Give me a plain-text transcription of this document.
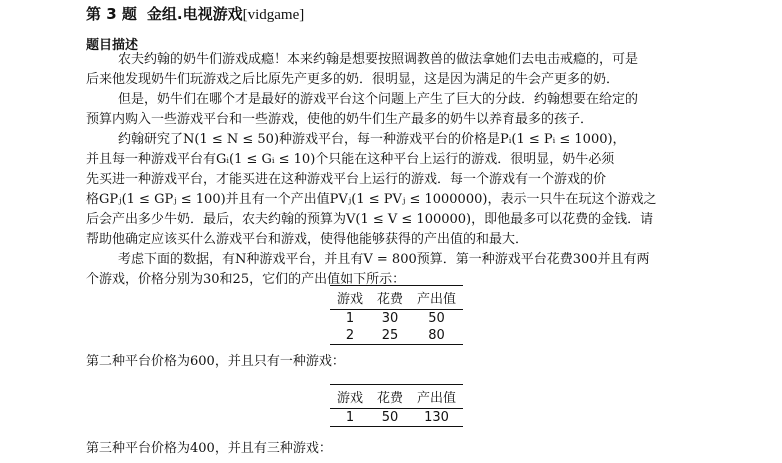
第 3 题 金组.电视游戏[vidgame]
题目描述
农夫约翰的奶牛们游戏成瘾！本来约翰是想要按照调教兽的做法拿她们去电击戒瘾的，可是
后来他发现奶牛们玩游戏之后比原先产更多的奶．很明显，这是因为满足的牛会产更多的奶．
但是，奶牛们在哪个才是最好的游戏平台这个问题上产生了巨大的分歧．约翰想要在给定的
预算内购入一些游戏平台和一些游戏，使他的奶牛们生产最多的奶牛以养育最多的孩子．
约翰研究了N(1 ≤ N ≤ 50)种游戏平台，每一种游戏平台的价格是Pᵢ(1 ≤ Pᵢ ≤ 1000)，
并且每一种游戏平台有Gᵢ(1 ≤ Gᵢ ≤ 10)个只能在这种平台上运行的游戏．很明显，奶牛必须
先买进一种游戏平台，才能买进在这种游戏平台上运行的游戏．每一个游戏有一个游戏的价
格GPⱼ(1 ≤ GPⱼ ≤ 100)并且有一个产出值PVⱼ(1 ≤ PVⱼ ≤ 1000000)，表示一只牛在玩这个游戏之
后会产出多少牛奶．最后，农夫约翰的预算为V(1 ≤ V ≤ 100000)，即他最多可以花费的金钱．请
帮助他确定应该买什么游戏平台和游戏，使得他能够获得的产出值的和最大．
考虑下面的数据，有N种游戏平台，并且有V = 800预算．第一种游戏平台花费300并且有两
个游戏，价格分别为30和25，它们的产出值如下所示：
游戏	花费	产出值
1	30	50
2	25	80
第二种平台价格为600，并且只有一种游戏：
游戏	花费	产出值
1	50	130
第三种平台价格为400，并且有三种游戏：
